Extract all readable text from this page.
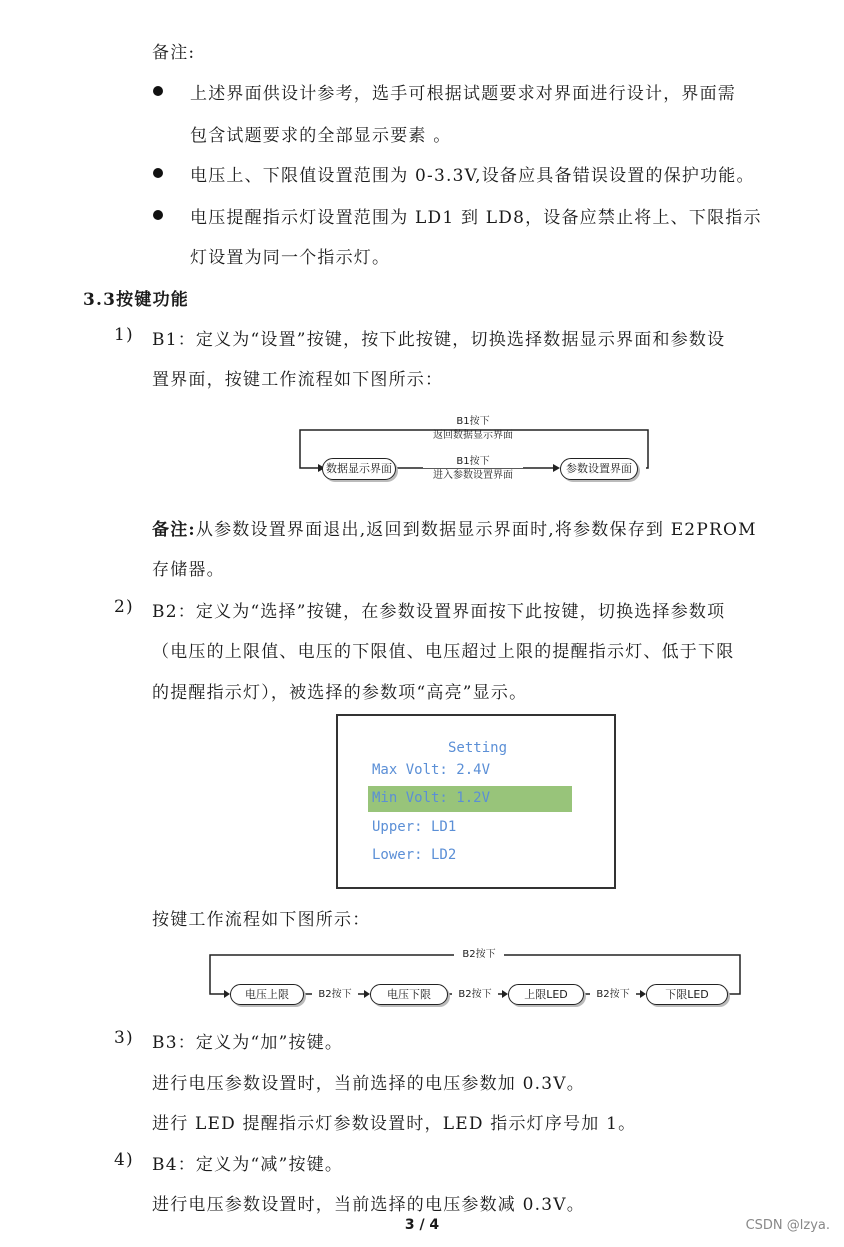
备注:
上述界面供设计参考，选手可根据试题要求对界面进行设计，界面需
包含试题要求的全部显示要素 。
电压上、下限值设置范围为 0-3.3V,设备应具备错误设置的保护功能。
电压提醒指示灯设置范围为 LD1 到 LD8，设备应禁止将上、下限指示
灯设置为同一个指示灯。
3.3按键功能
1) B1：定义为“设置”按键，按下此按键，切换选择数据显示界面和参数设
置界面，按键工作流程如下图所示：
数据显示界面	参数设置界面
B1按下
返回数据显示界面
B1按下
进入参数设置界面
备注:从参数设置界面退出,返回到数据显示界面时,将参数保存到 E2PROM
存储器。
2) B2：定义为“选择”按键，在参数设置界面按下此按键，切换选择参数项
（电压的上限值、电压的下限值、电压超过上限的提醒指示灯、低于下限
的提醒指示灯），被选择的参数项“高亮”显示。
Setting
Max Volt: 2.4V
Min Volt: 1.2V
Upper: LD1
Lower: LD2
按键工作流程如下图所示：
B2按下
电压上限	电压下限	上限LED	下限LED
B2按下	B2按下	B2按下
3) B3：定义为“加”按键。
进行电压参数设置时，当前选择的电压参数加 0.3V。
进行 LED 提醒指示灯参数设置时，LED 指示灯序号加 1。
4) B4：定义为“减”按键。
进行电压参数设置时，当前选择的电压参数减 0.3V。
3 / 4	CSDN @lzya.
